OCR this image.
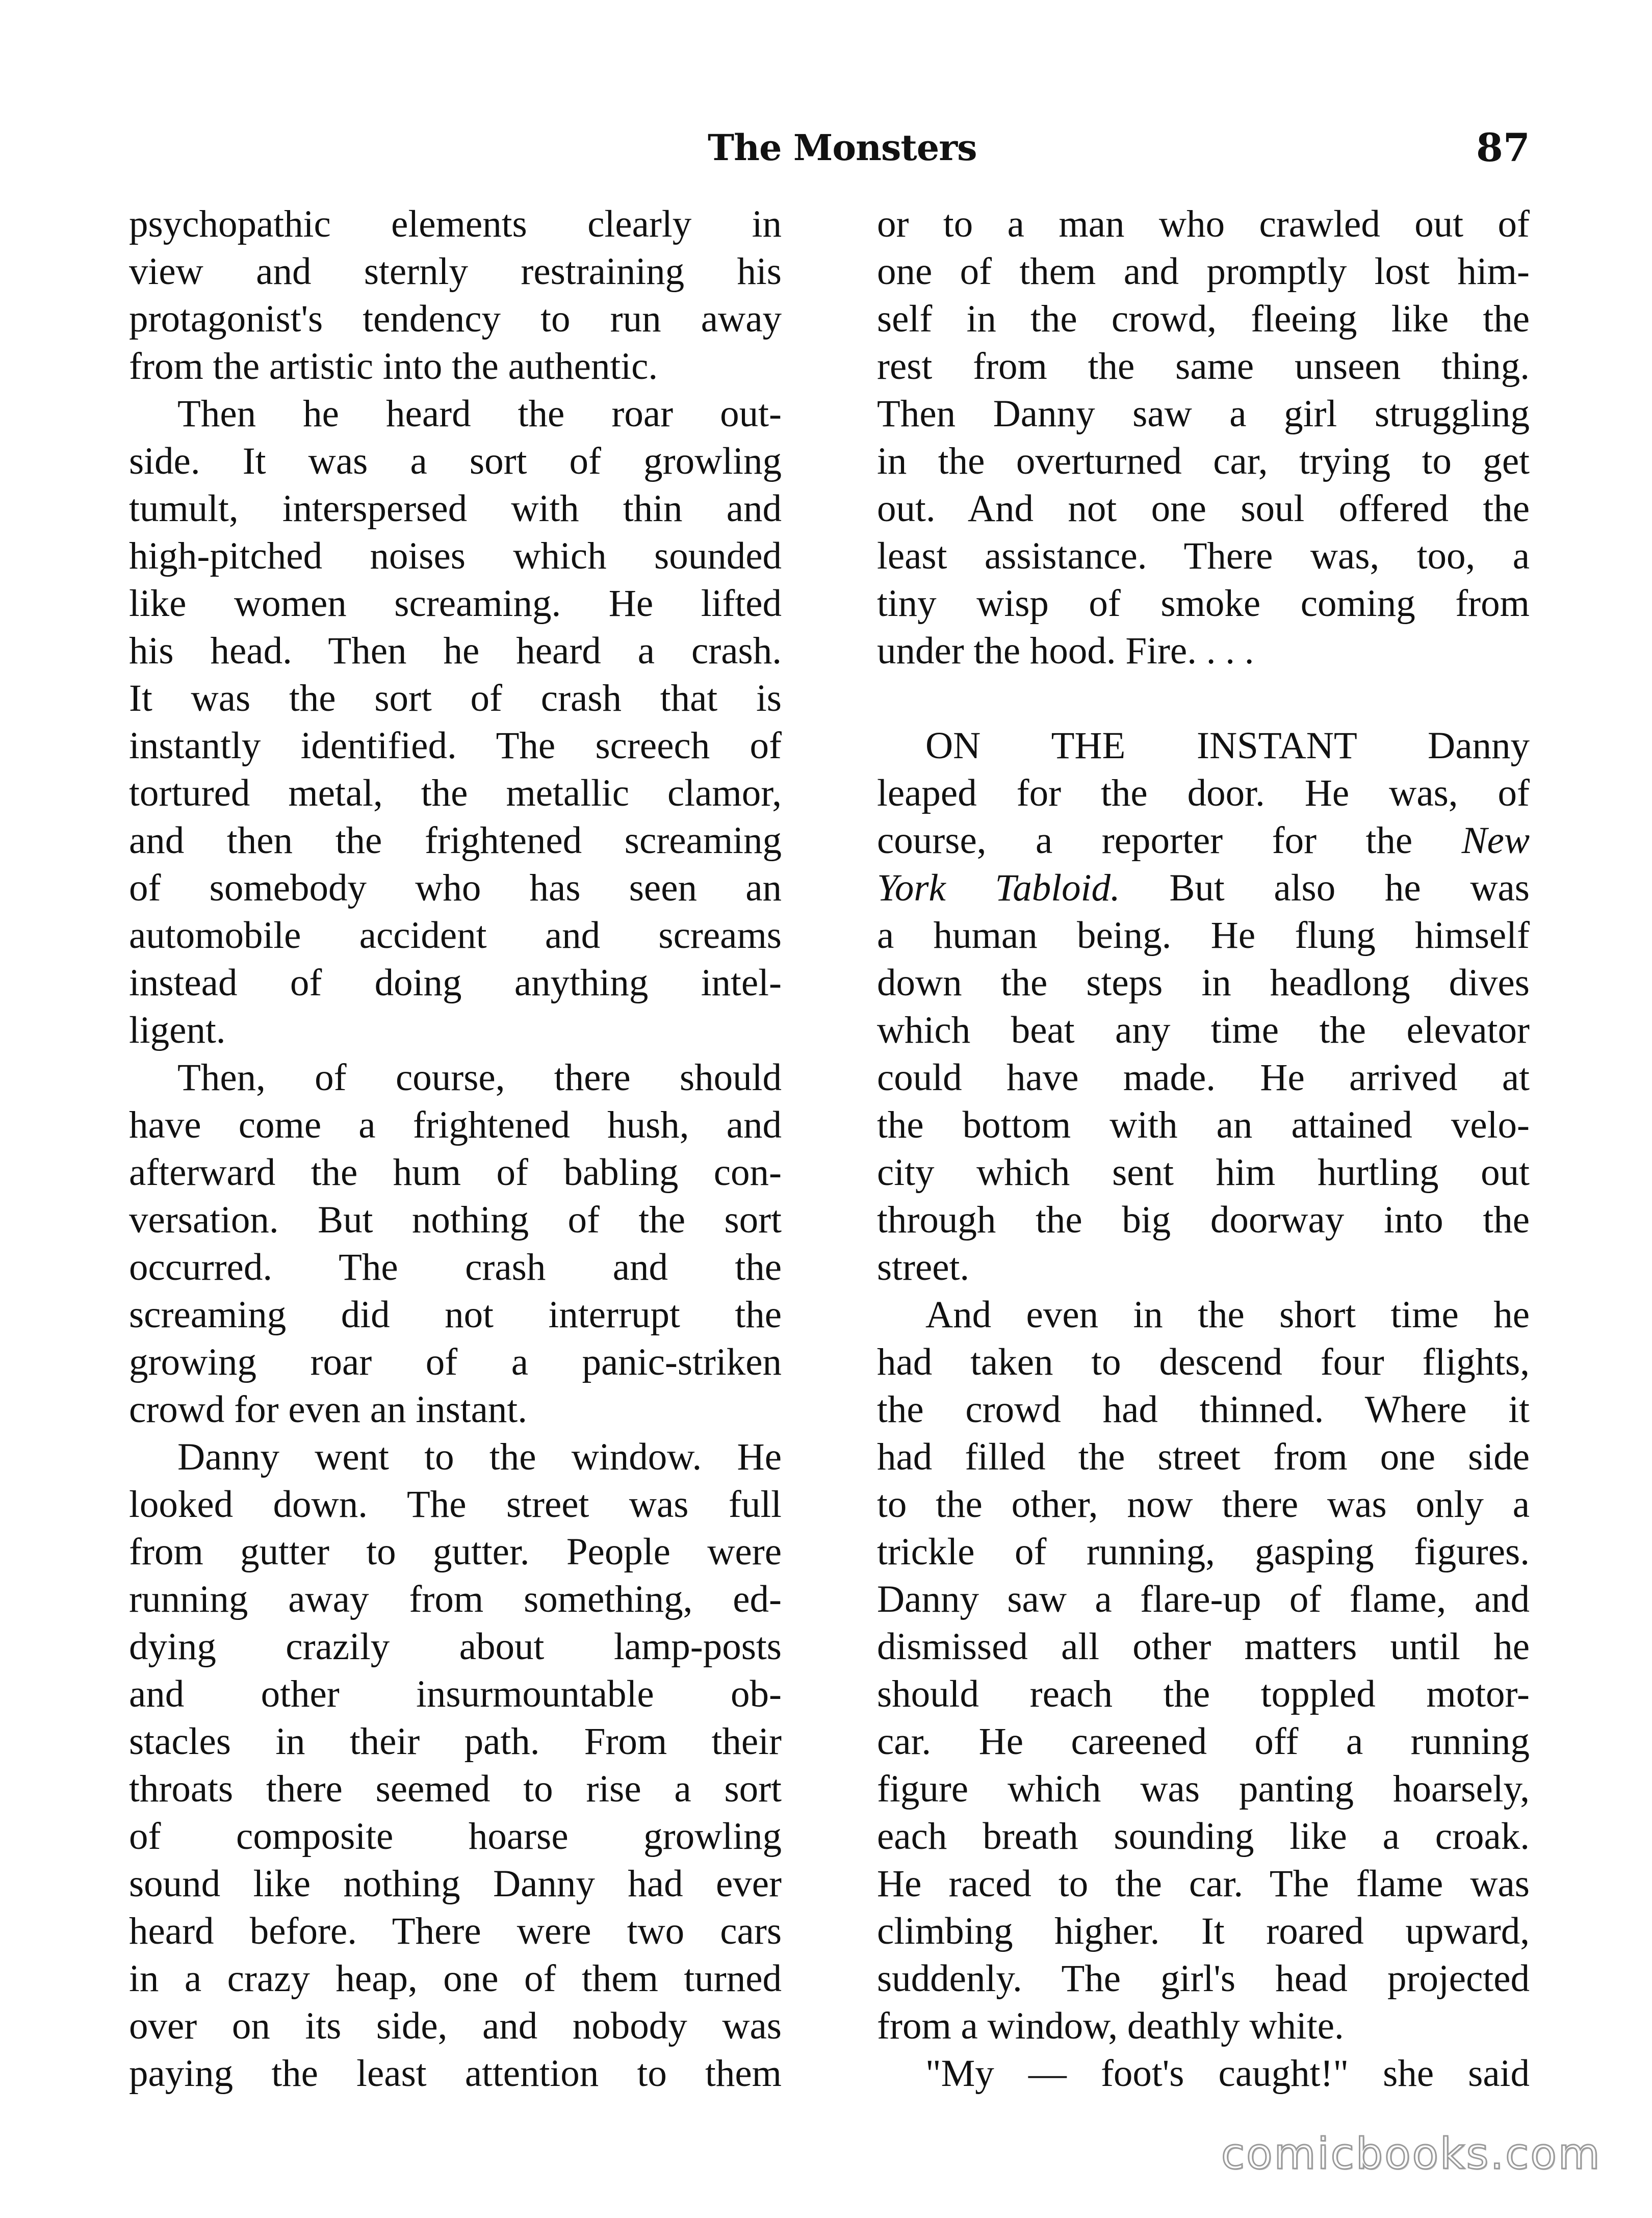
The Monsters	87
psychopathic elements clearly in
view and sternly restraining his
protagonist's tendency to run away
from the artistic into the authentic.
Then he heard the roar out-
side. It was a sort of growling
tumult, interspersed with thin and
high-pitched noises which sounded
like women screaming. He lifted
his head. Then he heard a crash.
It was the sort of crash that is
instantly identified. The screech of
tortured metal, the metallic clamor,
and then the frightened screaming
of somebody who has seen an
automobile accident and screams
instead of doing anything intel-
ligent.
Then, of course, there should
have come a frightened hush, and
afterward the hum of babling con-
versation. But nothing of the sort
occurred. The crash and the
screaming did not interrupt the
growing roar of a panic-striken
crowd for even an instant.
Danny went to the window. He
looked down. The street was full
from gutter to gutter. People were
running away from something, ed-
dying crazily about lamp-posts
and other insurmountable ob-
stacles in their path. From their
throats there seemed to rise a sort
of composite hoarse growling
sound like nothing Danny had ever
heard before. There were two cars
in a crazy heap, one of them turned
over on its side, and nobody was
paying the least attention to them
or to a man who crawled out of
one of them and promptly lost him-
self in the crowd, fleeing like the
rest from the same unseen thing.
Then Danny saw a girl struggling
in the overturned car, trying to get
out. And not one soul offered the
least assistance. There was, too, a
tiny wisp of smoke coming from
under the hood. Fire. . . .
ON THE INSTANT Danny
leaped for the door. He was, of
course, a reporter for the New
York Tabloid. But also he was
a human being. He flung himself
down the steps in headlong dives
which beat any time the elevator
could have made. He arrived at
the bottom with an attained velo-
city which sent him hurtling out
through the big doorway into the
street.
And even in the short time he
had taken to descend four flights,
the crowd had thinned. Where it
had filled the street from one side
to the other, now there was only a
trickle of running, gasping figures.
Danny saw a flare-up of flame, and
dismissed all other matters until he
should reach the toppled motor-
car. He careened off a running
figure which was panting hoarsely,
each breath sounding like a croak.
He raced to the car. The flame was
climbing higher. It roared upward,
suddenly. The girl's head projected
from a window, deathly white.
"My — foot's caught!" she said
comicbooks.com
